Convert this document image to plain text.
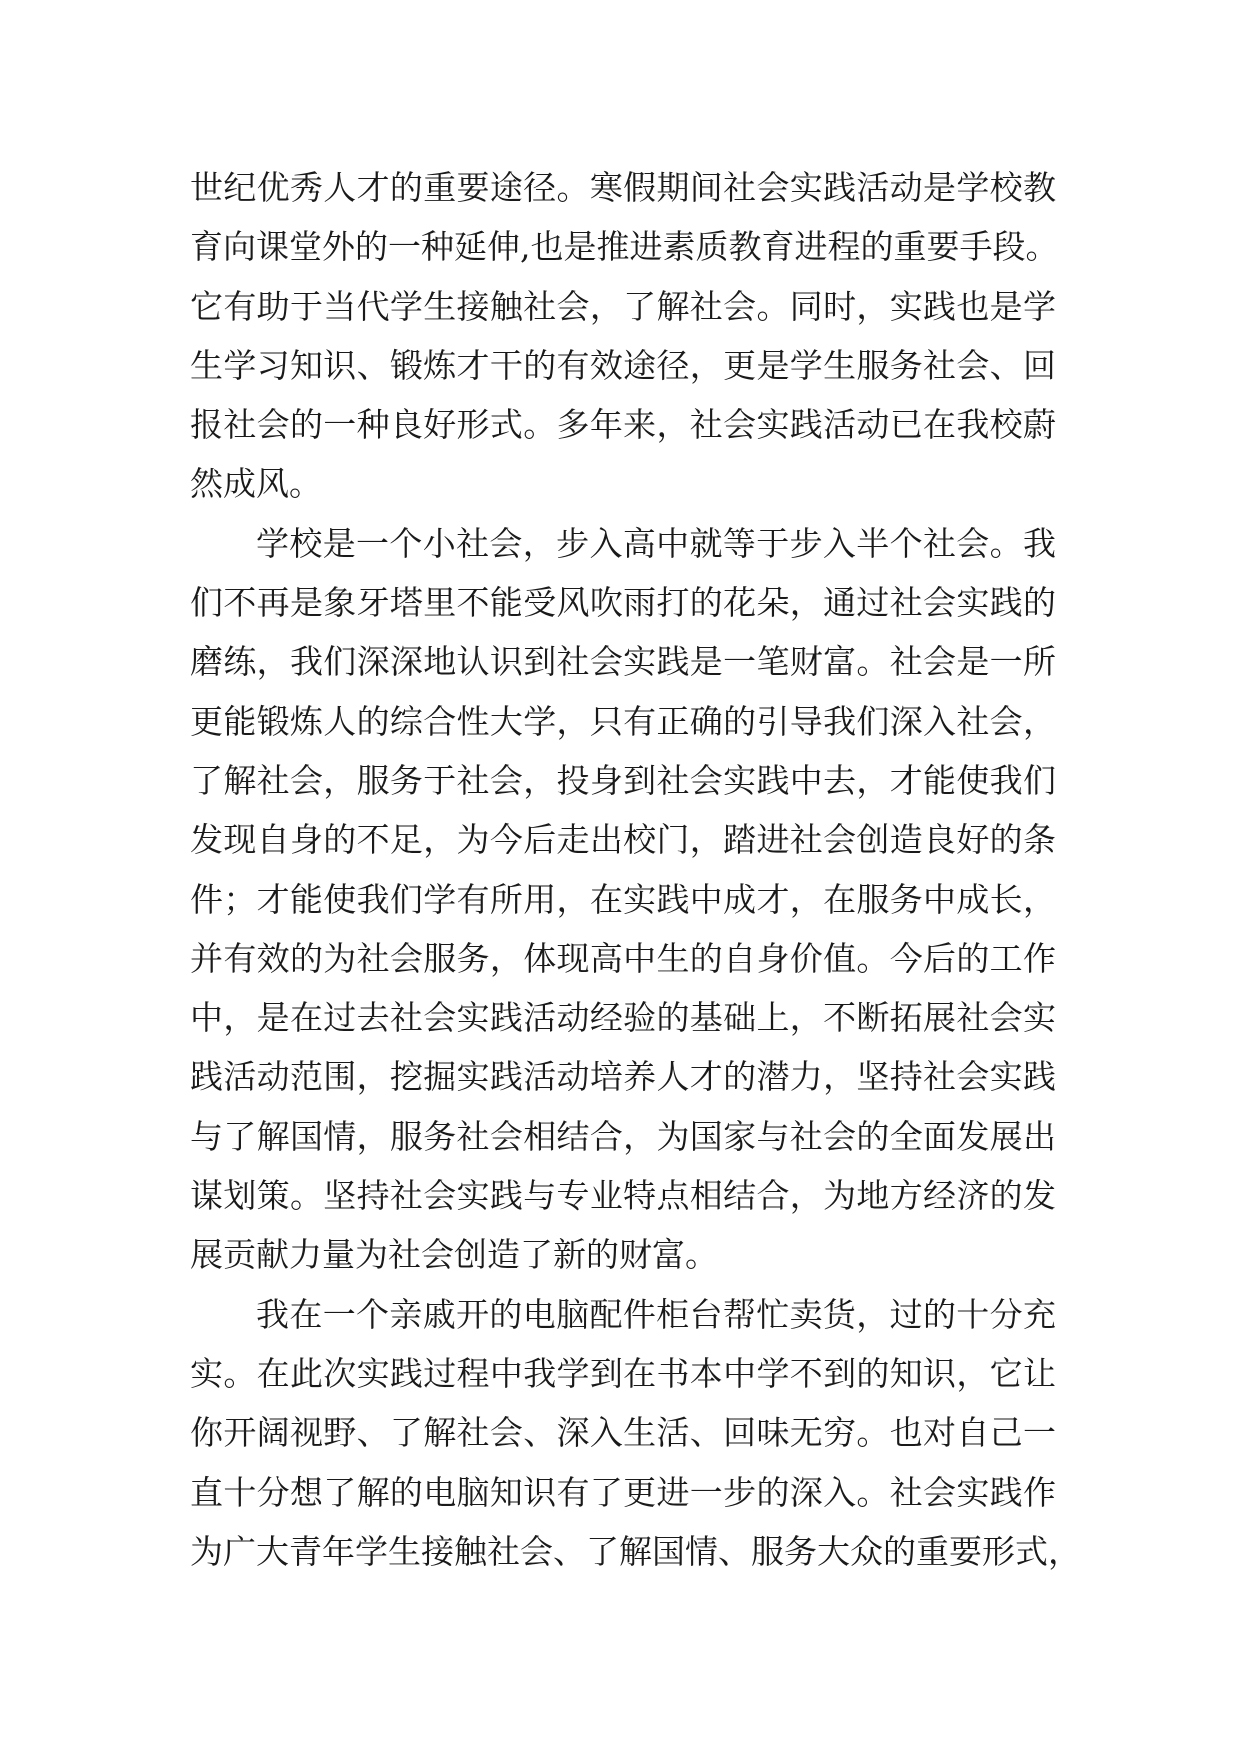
世纪优秀人才的重要途径。寒假期间社会实践活动是学校教
育向课堂外的一种延伸,也是推进素质教育进程的重要手段。
它有助于当代学生接触社会，了解社会。同时，实践也是学
生学习知识、锻炼才干的有效途径，更是学生服务社会、回
报社会的一种良好形式。多年来，社会实践活动已在我校蔚
然成风。
学校是一个小社会，步入高中就等于步入半个社会。我
们不再是象牙塔里不能受风吹雨打的花朵，通过社会实践的
磨练，我们深深地认识到社会实践是一笔财富。社会是一所
更能锻炼人的综合性大学，只有正确的引导我们深入社会，
了解社会，服务于社会，投身到社会实践中去，才能使我们
发现自身的不足，为今后走出校门，踏进社会创造良好的条
件；才能使我们学有所用，在实践中成才，在服务中成长，
并有效的为社会服务，体现高中生的自身价值。今后的工作
中，是在过去社会实践活动经验的基础上，不断拓展社会实
践活动范围，挖掘实践活动培养人才的潜力，坚持社会实践
与了解国情，服务社会相结合，为国家与社会的全面发展出
谋划策。坚持社会实践与专业特点相结合，为地方经济的发
展贡献力量为社会创造了新的财富。
我在一个亲戚开的电脑配件柜台帮忙卖货，过的十分充
实。在此次实践过程中我学到在书本中学不到的知识，它让
你开阔视野、了解社会、深入生活、回味无穷。也对自己一
直十分想了解的电脑知识有了更进一步的深入。社会实践作
为广大青年学生接触社会、了解国情、服务大众的重要形式，
